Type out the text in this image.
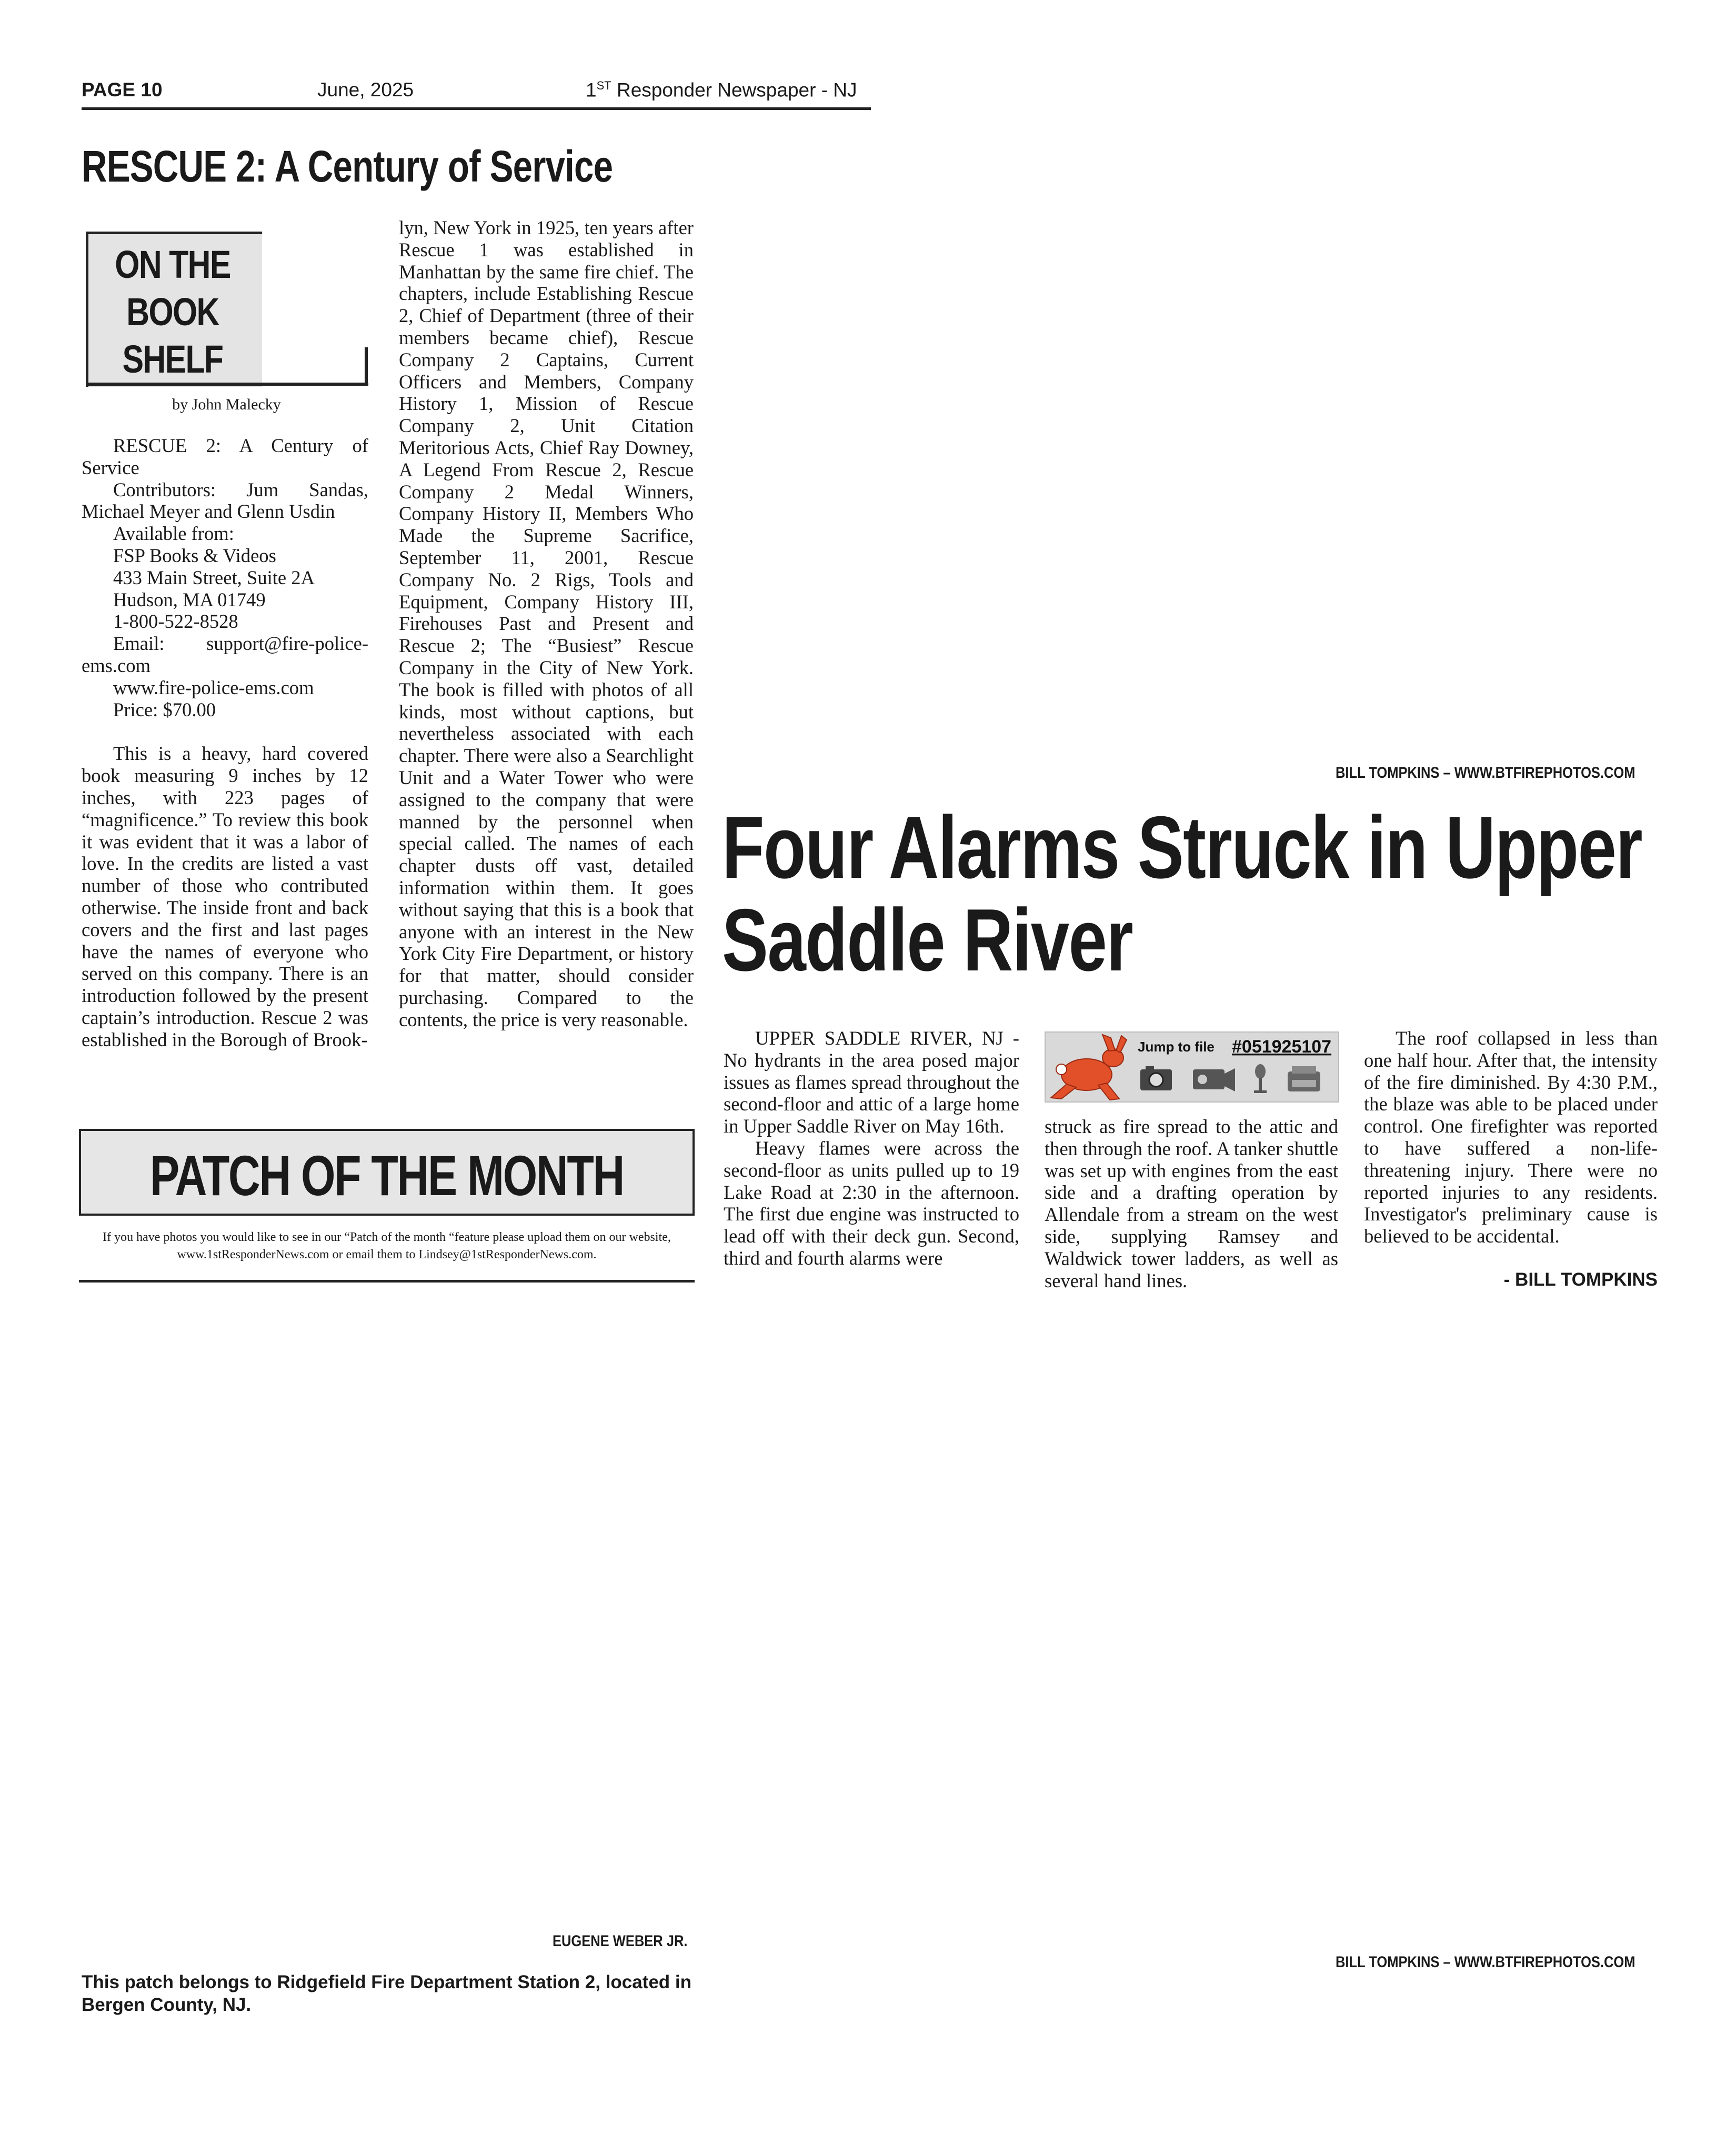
PAGE 10	June, 2025	1ST Responder Newspaper - NJ
RESCUE 2: A Century of Service
ON THE
BOOK
SHELF
by John Malecky

RESCUE 2: A Century of Service

Contributors: Jum Sandas, Michael Meyer and Glenn Usdin

Available from:

FSP Books & Videos

433 Main Street, Suite 2A

Hudson, MA 01749

1-800-522-8528

Email: support@fire-police-ems.com

www.fire-police-ems.com

Price: $70.00

This is a heavy, hard covered book measuring 9 inches by 12 inches, with 223 pages of “magnificence.” To review this book it was evident that it was a labor of love. In the credits are listed a vast number of those who contributed otherwise. The inside front and back covers and the first and last pages have the names of everyone who served on this company. There is an introduction followed by the present captain’s introduction. Rescue 2 was established in the Borough of Brook-

lyn, New York in 1925, ten years after Rescue 1 was established in Manhattan by the same fire chief. The chapters, include Establishing Rescue 2, Chief of Department (three of their members became chief), Rescue Company 2 Captains, Current Officers and Members, Company History 1, Mission of Rescue Company 2, Unit Citation Meritorious Acts, Chief Ray Downey, A Legend From Rescue 2, Rescue Company 2 Medal Winners, Company History II, Members Who Made the Supreme Sacrifice, September 11, 2001, Rescue Company No. 2 Rigs, Tools and Equipment, Company History III, Firehouses Past and Present and Rescue 2; The “Busiest” Rescue Company in the City of New York. The book is filled with photos of all kinds, most without captions, but nevertheless associated with each chapter. There were also a Searchlight Unit and a Water Tower who were assigned to the company that were manned by the personnel when special called. The names of each chapter dusts off vast, detailed information within them. It goes without saying that this is a book that anyone with an interest in the New York City Fire Department, or history for that matter, should consider purchasing. Compared to the contents, the price is very reasonable.

PATCH OF THE MONTH
If you have photos you would like to see in our “Patch of the month “feature please upload them on our website, www.1stResponderNews.com or email them to Lindsey@1stResponderNews.com.
EUGENE WEBER JR.
This patch belongs to Ridgefield Fire Department Station 2, located in Bergen County, NJ.
BILL TOMPKINS – WWW.BTFIREPHOTOS.COM
Four Alarms Struck in Upper
Saddle River

UPPER SADDLE RIVER, NJ - No hydrants in the area posed major issues as flames spread throughout the second-floor and attic of a large home in Upper Saddle River on May 16th.

Heavy flames were across the second-floor as units pulled up to 19 Lake Road at 2:30 in the afternoon. The first due engine was instructed to lead off with their deck gun. Second, third and fourth alarms were

Jump to file #051925107

struck as fire spread to the attic and then through the roof. A tanker shuttle was set up with engines from the east side and a drafting operation by Allendale from a stream on the west side, supplying Ramsey and Waldwick tower ladders, as well as several hand lines.

The roof collapsed in less than one half hour. After that, the intensity of the fire diminished. By 4:30 P.M., the blaze was able to be placed under control. One firefighter was reported to have suffered a non-life-threatening injury. There were no reported injuries to any residents. Investigator's preliminary cause is believed to be accidental.

- BILL TOMPKINS
BILL TOMPKINS – WWW.BTFIREPHOTOS.COM
